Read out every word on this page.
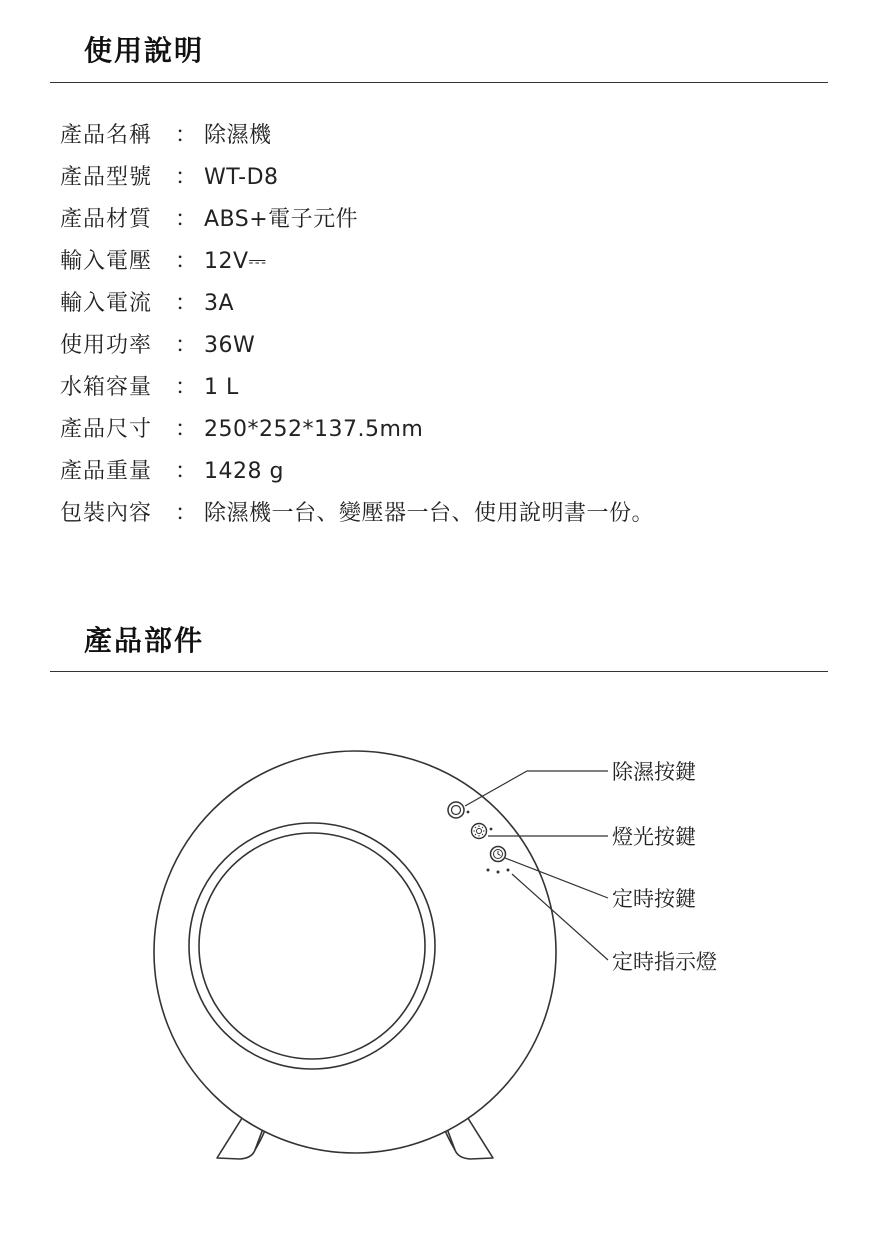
使用說明
產品名稱 ： 除濕機
產品型號 ： WT-D8
產品材質 ： ABS+電子元件
輸入電壓 ： 12V⎓
輸入電流 ： 3A
使用功率 ： 36W
水箱容量 ： 1 L
產品尺寸 ： 250*252*137.5mm
產品重量 ： 1428 g
包裝內容 ： 除濕機一台、變壓器一台、使用說明書一份。
產品部件
除濕按鍵
燈光按鍵
定時按鍵
定時指示燈
